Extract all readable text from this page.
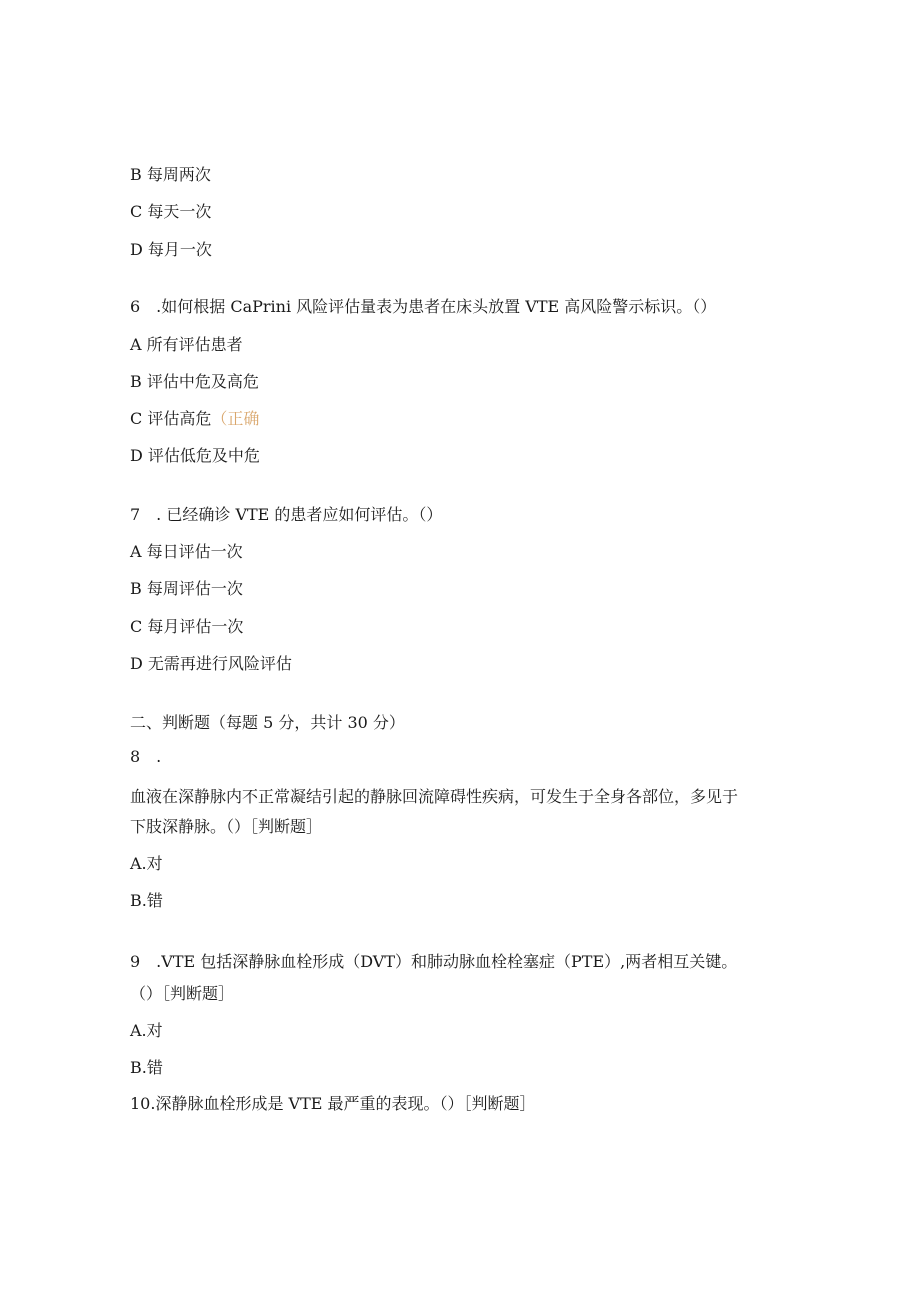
B 每周两次
C 每天一次
D 每月一次
6　.如何根据 CaPrini 风险评估量表为患者在床头放置 VTE 高风险警示标识。（）
A 所有评估患者
B 评估中危及高危
C 评估高危（正确
D 评估低危及中危
7　. 已经确诊 VTE 的患者应如何评估。（）
A 每日评估一次
B 每周评估一次
C 每月评估一次
D 无需再进行风险评估
二、判断题（每题 5 分，共计 30 分）
8　.
血液在深静脉内不正常凝结引起的静脉回流障碍性疾病，可发生于全身各部位，多见于
下肢深静脉。（）［判断题］
A.对
B.错
9　.VTE 包括深静脉血栓形成（DVT）和肺动脉血栓栓塞症（PTE）,两者相互关键。
（）［判断题］
A.对
B.错
10.深静脉血栓形成是 VTE 最严重的表现。（）［判断题］
